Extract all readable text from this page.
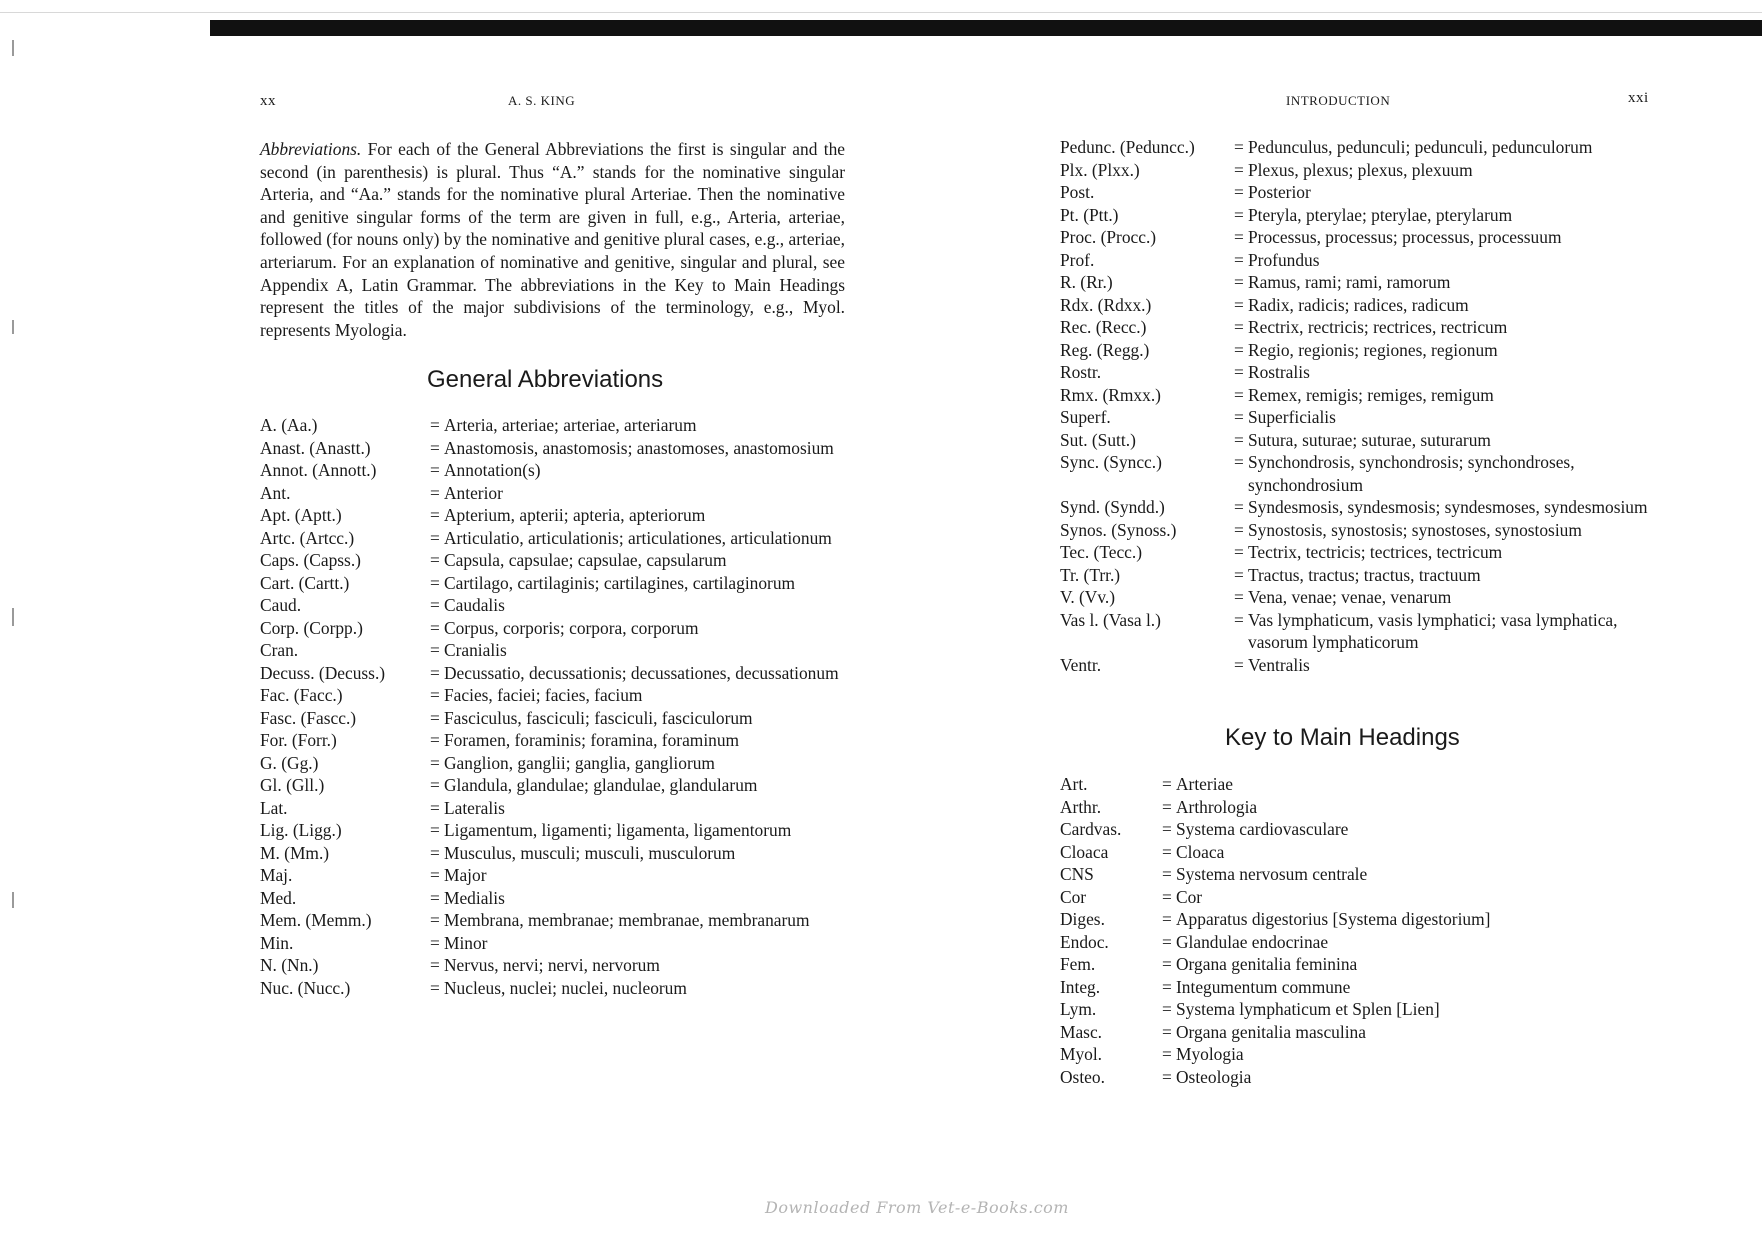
xx	A. S. KING

Abbreviations. For each of the General Abbreviations the first is singular and the second (in parenthesis) is plural. Thus “A.” stands for the nominative singular Arteria, and “Aa.” stands for the nominative plural Arteriae. Then the nominative and genitive singular forms of the term are given in full, e.g., Arteria, arteriae, followed (for nouns only) by the nominative and genitive plural cases, e.g., arteriae, arteriarum. For an explanation of nominative and genitive, singular and plural, see Appendix A, Latin Grammar. The abbreviations in the Key to Main Headings represent the titles of the major subdivisions of the terminology, e.g., Myol. represents Myologia.

General Abbreviations
A. (Aa.)	= Arteria, arteriae; arteriae, arteriarum

Anast. (Anastt.)	= Anastomosis, anastomosis; anastomoses, anastomosium

Annot. (Annott.)	= Annotation(s)

Ant.	= Anterior

Apt. (Aptt.)	= Apterium, apterii; apteria, apteriorum

Artc. (Artcc.)	= Articulatio, articulationis; articulationes, articulationum

Caps. (Capss.)	= Capsula, capsulae; capsulae, capsularum

Cart. (Cartt.)	= Cartilago, cartilaginis; cartilagines, cartilaginorum

Caud.	= Caudalis

Corp. (Corpp.)	= Corpus, corporis; corpora, corporum

Cran.	= Cranialis

Decuss. (Decuss.)	= Decussatio, decussationis; decussationes, decussationum

Fac. (Facc.)	= Facies, faciei; facies, facium

Fasc. (Fascc.)	= Fasciculus, fasciculi; fasciculi, fasciculorum

For. (Forr.)	= Foramen, foraminis; foramina, foraminum

G. (Gg.)	= Ganglion, ganglii; ganglia, gangliorum

Gl. (Gll.)	= Glandula, glandulae; glandulae, glandularum

Lat.	= Lateralis

Lig. (Ligg.)	= Ligamentum, ligamenti; ligamenta, ligamentorum

M. (Mm.)	= Musculus, musculi; musculi, musculorum

Maj.	= Major

Med.	= Medialis

Mem. (Memm.)	= Membrana, membranae; membranae, membranarum

Min.	= Minor

N. (Nn.)	= Nervus, nervi; nervi, nervorum

Nuc. (Nucc.)	= Nucleus, nuclei; nuclei, nucleorum
INTRODUCTION	xxi
Pedunc. (Peduncc.)	= Pedunculus, pedunculi; pedunculi, pedunculorum

Plx. (Plxx.)	= Plexus, plexus; plexus, plexuum

Post.	= Posterior

Pt. (Ptt.)	= Pteryla, pterylae; pterylae, pterylarum

Proc. (Procc.)	= Processus, processus; processus, processuum

Prof.	= Profundus

R. (Rr.)	= Ramus, rami; rami, ramorum

Rdx. (Rdxx.)	= Radix, radicis; radices, radicum

Rec. (Recc.)	= Rectrix, rectricis; rectrices, rectricum

Reg. (Regg.)	= Regio, regionis; regiones, regionum

Rostr.	= Rostralis

Rmx. (Rmxx.)	= Remex, remigis; remiges, remigum

Superf.	= Superficialis

Sut. (Sutt.)	= Sutura, suturae; suturae, suturarum

Sync. (Syncc.)	= Synchondrosis, synchondrosis; synchondroses, synchondrosium

Synd. (Syndd.)	= Syndesmosis, syndesmosis; syndesmoses, syndesmosium

Synos. (Synoss.)	= Synostosis, synostosis; synostoses, synostosium

Tec. (Tecc.)	= Tectrix, tectricis; tectrices, tectricum

Tr. (Trr.)	= Tractus, tractus; tractus, tractuum

V. (Vv.)	= Vena, venae; venae, venarum

Vas l. (Vasa l.)	= Vas lymphaticum, vasis lymphatici; vasa lymphatica, vasorum lymphaticorum

Ventr.	= Ventralis
Key to Main Headings
Art.	= Arteriae

Arthr.	= Arthrologia

Cardvas.	= Systema cardiovasculare

Cloaca	= Cloaca

CNS	= Systema nervosum centrale

Cor	= Cor

Diges.	= Apparatus digestorius [Systema digestorium]

Endoc.	= Glandulae endocrinae

Fem.	= Organa genitalia feminina

Integ.	= Integumentum commune

Lym.	= Systema lymphaticum et Splen [Lien]

Masc.	= Organa genitalia masculina

Myol.	= Myologia

Osteo.	= Osteologia
Downloaded From Vet-e-Books.com
